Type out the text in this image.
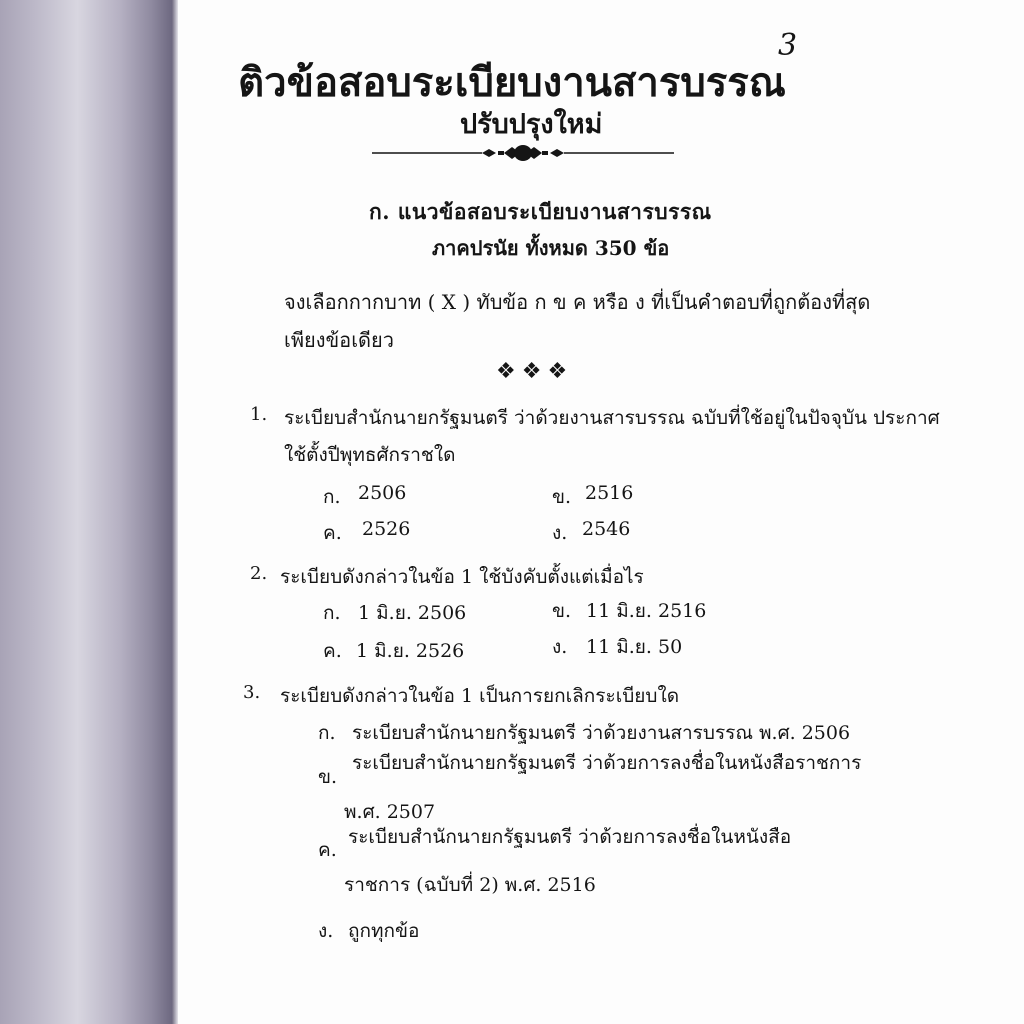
3
ติวข้อสอบระเบียบงานสารบรรณ
ปรับปรุงใหม่
ก. แนวข้อสอบระเบียบงานสารบรรณ
ภาคปรนัย ทั้งหมด 350 ข้อ
จงเลือกกากบาท ( X ) ทับข้อ ก ข ค หรือ ง ที่เป็นคำตอบที่ถูกต้องที่สุด
เพียงข้อเดียว
❖❖❖
1. ระเบียบสำนักนายกรัฐมนตรี ว่าด้วยงานสารบรรณ ฉบับที่ใช้อยู่ในปัจจุบัน ประกาศ
ใช้ตั้งปีพุทธศักราชใด
ก. 2506	ข. 2516
ค. 2526	ง. 2546
2. ระเบียบดังกล่าวในข้อ 1 ใช้บังคับตั้งแต่เมื่อไร
ก. 1 มิ.ย. 2506	ข. 11 มิ.ย. 2516
ค. 1 มิ.ย. 2526	ง. 11 มิ.ย. 50
3. ระเบียบดังกล่าวในข้อ 1 เป็นการยกเลิกระเบียบใด
ก. ระเบียบสำนักนายกรัฐมนตรี ว่าด้วยงานสารบรรณ พ.ศ. 2506
ข.
ระเบียบสำนักนายกรัฐมนตรี ว่าด้วยการลงชื่อในหนังสือราชการ
พ.ศ. 2507
ค.
ระเบียบสำนักนายกรัฐมนตรี ว่าด้วยการลงชื่อในหนังสือ
ราชการ (ฉบับที่ 2) พ.ศ. 2516
ง. ถูกทุกข้อ
